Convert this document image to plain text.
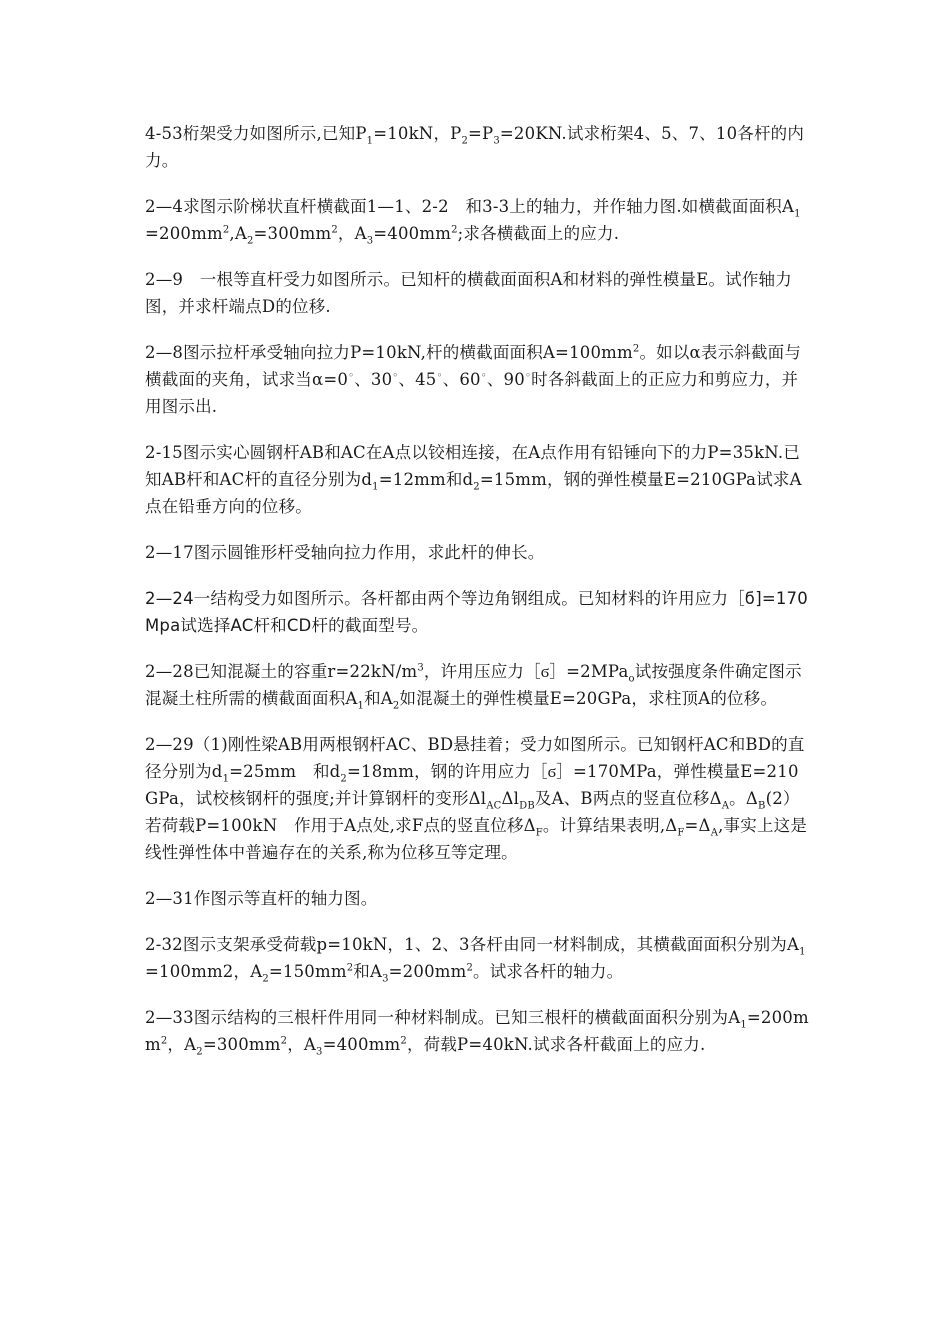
4-53桁架受力如图所示,已知$P_1=10kN$，$P_2=P_3=20KN$.试求桁架4、5、7、10各杆的内力。

2—4求图示阶梯状直杆横截面1—1、2-2　和3-3上的轴力，并作轴力图.如横截面面积$A_1=200mm^2,A_2=300mm^2$，$A_3=400mm^2$;求各横截面上的应力.

2—9　一根等直杆受力如图所示。已知杆的横截面面积A和材料的弹性模量E。试作轴力图，并求杆端点D的位移.

2—8图示拉杆承受轴向拉力P=10kN,杆的横截面面积$A=100mm^2$。如以α表示斜截面与横截面的夹角，试求当α=0◦、30◦、45◦、60◦、90◦时各斜截面上的正应力和剪应力，并用图示出.

2-15图示实心圆钢杆AB和AC在A点以铰相连接，在A点作用有铅锤向下的力P=35kN.已知AB杆和AC杆的直径分别为$d_1=12mm$和$d_2=15mm$，钢的弹性模量E=210GPa试求A点在铅垂方向的位移。

2—17图示圆锥形杆受轴向拉力作用，求此杆的伸长。

2—24一结构受力如图所示。各杆都由两个等边角钢组成。已知材料的许用应力［ϭ]=170Mpa试选择AC杆和CD杆的截面型号。

2—28已知混凝土的容重$r=22kN/m^3$，许用压应力［ϭ］=2MPa$_o$试按强度条件确定图示混凝土柱所需的横截面面积$A_1$和$A_2$如混凝土的弹性模量E=20GPa，求柱顶A的位移。

2—29（1)刚性梁AB用两根钢杆AC、BD悬挂着；受力如图所示。已知钢杆AC和BD的直径分别为$d_1=25mm$　和$d_2=18mm$，钢的许用应力［ϭ］=170MPa，弹性模量E=210GPa，试校核钢杆的强度;并计算钢杆的变形$\Delta l_{AC}\Delta l_{DB}$及A、B两点的竖直位移$\Delta_A$。$\Delta_B(2)$若荷载P=100kN　作用于A点处,求F点的竖直位移$\Delta_F$。计算结果表明$,\Delta_F=\Delta_A$,事实上这是线性弹性体中普遍存在的关系,称为位移互等定理。

2—31作图示等直杆的轴力图。

2-32图示支架承受荷载p=10kN，1、2、3各杆由同一材料制成，其横截面面积分别为$A_1=100mm2$，$A_2=150mm^2$和$A_3=200mm^2$。试求各杆的轴力。

2—33图示结构的三根杆件用同一种材料制成。已知三根杆的横截面面积分别为$A_1=200mm^2$，$A_2=300mm^2$，$A_3=400mm^2$，荷载P=40kN.试求各杆截面上的应力.
